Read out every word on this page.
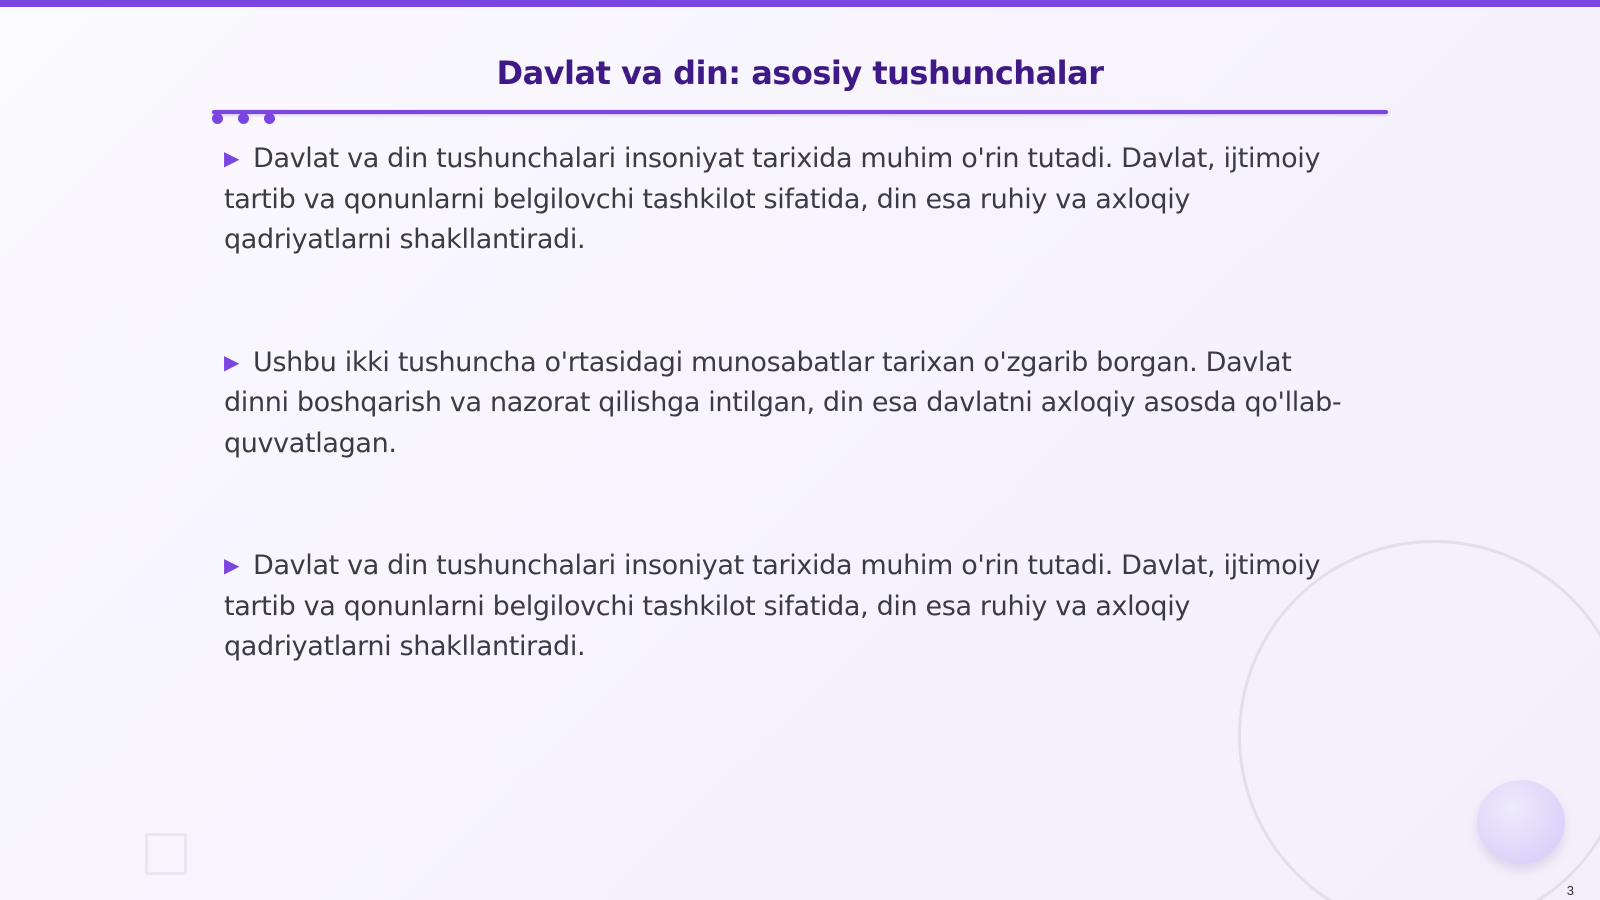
Davlat va din: asosiy tushunchalar

▶ Davlat va din tushunchalari insoniyat tarixida muhim o'rin tutadi. Davlat, ijtimoiy tartib va qonunlarni belgilovchi tashkilot sifatida, din esa ruhiy va axloqiy qadriyatlarni shakllantiradi.

▶ Ushbu ikki tushuncha o'rtasidagi munosabatlar tarixan o'zgarib borgan. Davlat dinni boshqarish va nazorat qilishga intilgan, din esa davlatni axloqiy asosda qo'llab-quvvatlagan.

▶ Davlat va din tushunchalari insoniyat tarixida muhim o'rin tutadi. Davlat, ijtimoiy tartib va qonunlarni belgilovchi tashkilot sifatida, din esa ruhiy va axloqiy qadriyatlarni shakllantiradi.

3
